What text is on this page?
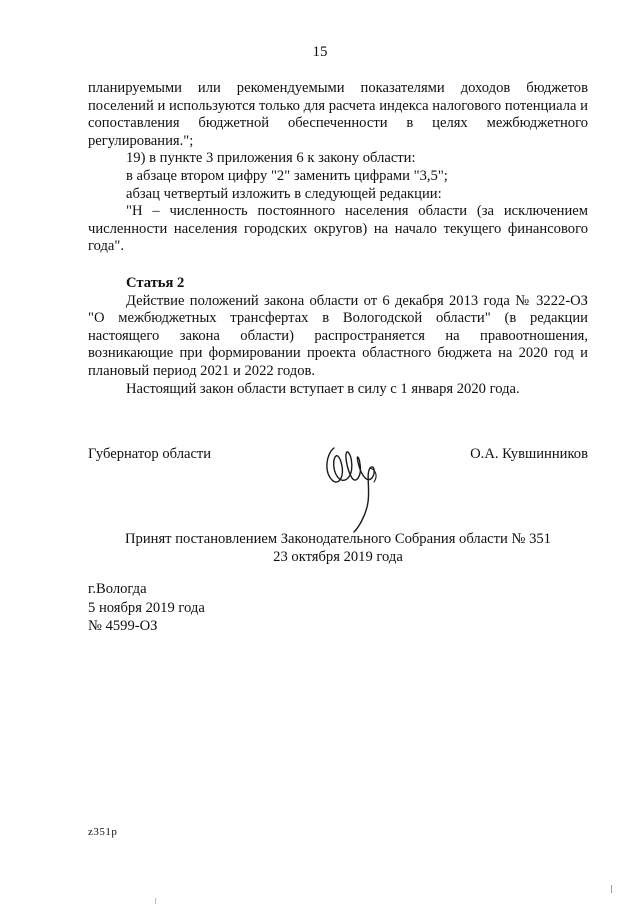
15

планируемыми или рекомендуемыми показателями доходов бюджетов поселений и используются только для расчета индекса налогового потенциала и сопоставления бюджетной обеспеченности в целях межбюджетного регулирования.";

19) в пункте 3 приложения 6 к закону области:

в абзаце втором цифру "2" заменить цифрами "3,5";

абзац четвертый изложить в следующей редакции:

"Н – численность постоянного населения области (за исключением численности населения городских округов) на начало текущего финансового года".

Статья 2

Действие положений закона области от 6 декабря 2013 года № 3222-ОЗ "О межбюджетных трансфертах в Вологодской области" (в редакции настоящего закона области) распространяется на правоотношения, возникающие при формировании проекта областного бюджета на 2020 год и плановый период 2021 и 2022 годов.

Настоящий закон области вступает в силу с 1 января 2020 года.

Губернатор области	О.А. Кувшинников
Принят постановлением Законодательного Собрания области № 351
23 октября 2019 года
г.Вологда
5 ноября 2019 года
№ 4599-ОЗ
z351р
